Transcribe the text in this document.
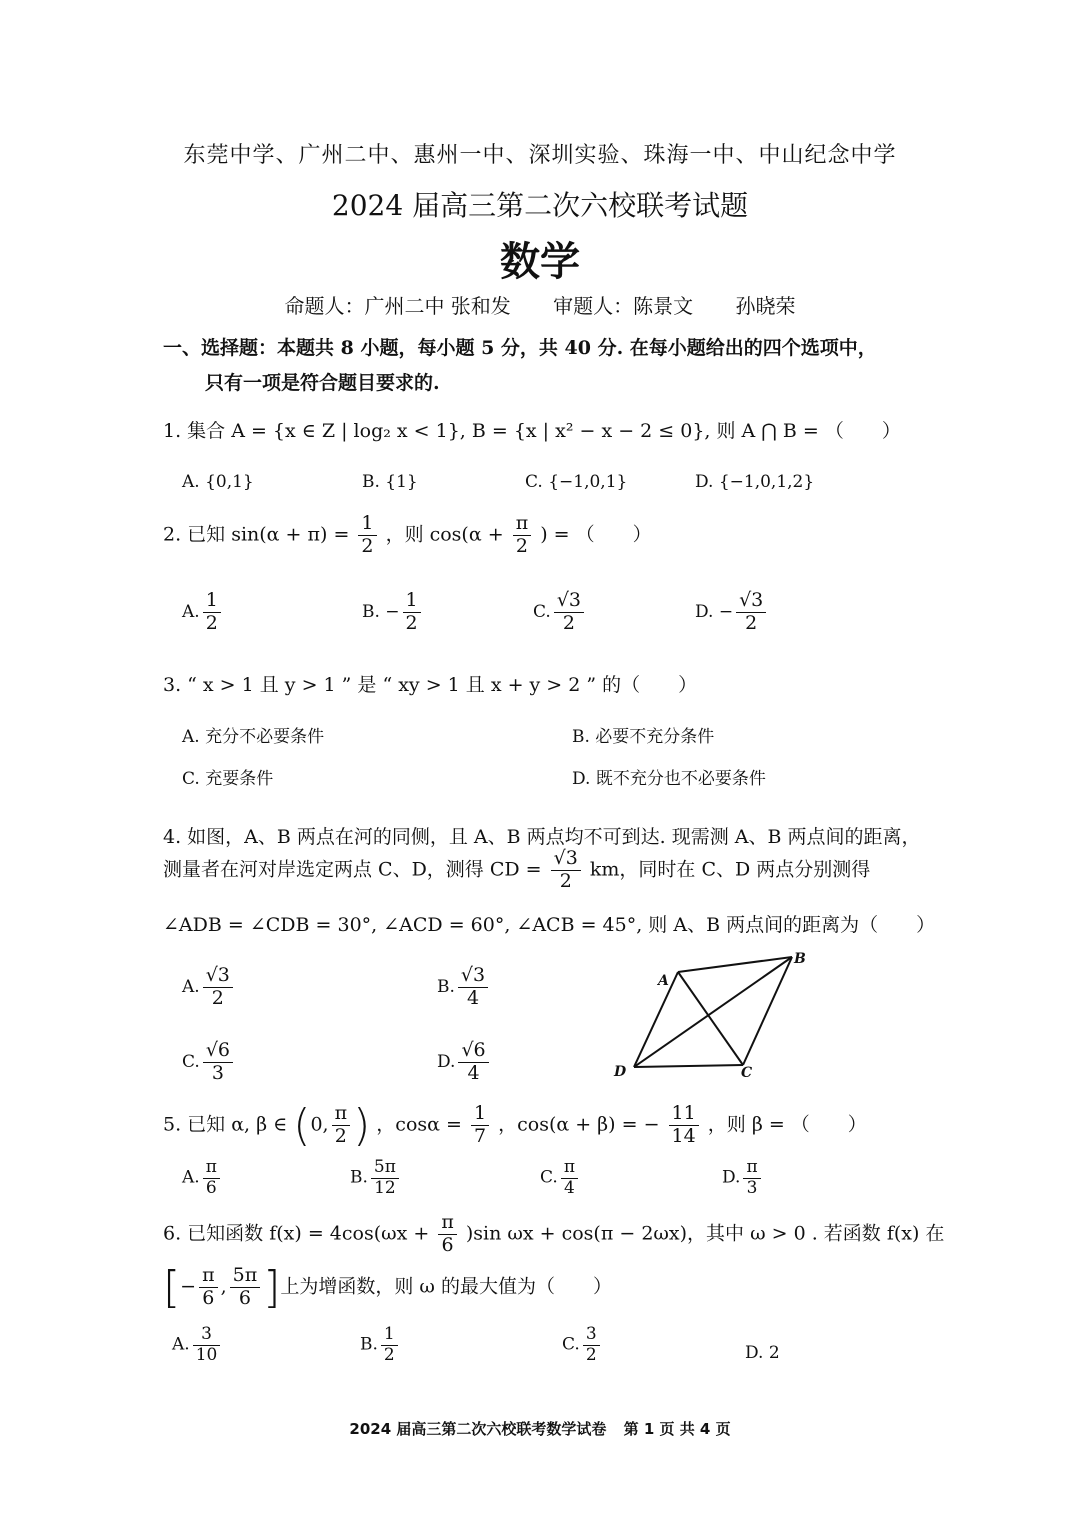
东莞中学、广州二中、惠州一中、深圳实验、珠海一中、中山纪念中学
2024 届高三第二次六校联考试题
数学
命题人：广州二中 张和发 审题人：陈景文 孙晓荣
一、选择题：本题共 8 小题，每小题 5 分，共 40 分. 在每小题给出的四个选项中，
只有一项是符合题目要求的.
1. 集合 A = {x ∈ Z | log₂ x < 1}, B = {x | x² − x − 2 ≤ 0}, 则 A ⋂ B = （　　）
A. {0,1}	B. {1}	C. {−1,0,1}	D. {−1,0,1,2}
2. 已知 $\sin(\alpha + \pi) = \frac{1}{2}$ ，则 $\cos(\alpha + \frac{\pi}{2}$ ) = （　　）
A. $\frac{1}{2}$	B. − $\frac{1}{2}$	C. $\frac{√3}{2}$	D. − $\frac{√3}{2}$
3. “ x > 1 且 y > 1 ” 是 “ xy > 1 且 x + y > 2 ” 的（　　）
A. 充分不必要条件	B. 必要不充分条件
C. 充要条件	D. 既不充分也不必要条件
4. 如图，A、B 两点在河的同侧，且 A、B 两点均不可到达. 现需测 A、B 两点间的距离，
测量者在河对岸选定两点 C、D，测得 CD = $\frac{√3}{2}$ km，同时在 C、D 两点分别测得
∠ADB = ∠CDB = 30°, ∠ACD = 60°, ∠ACB = 45°, 则 A、B 两点间的距离为（　　）
A. $\frac{√3}{2}$	B. $\frac{√3}{4}$
C. $\frac{√6}{3}$	D. $\frac{√6}{4}$
A
B
C
D
5. 已知 α, β ∈ (0, $\frac{\pi}{2}$ ) ，$\cos\alpha = \frac{1}{7}$ ，cos(α + β) = − $\frac{11}{14}$ ，则 β = （　　）
A. $\frac{\pi}{6}$	B. $\frac{5\pi}{12}$	C. $\frac{\pi}{4}$	D. $\frac{\pi}{3}$
6. 已知函数 $f(x) = 4\cos(\omega x + \frac{\pi}{6} )\sin$ ωx + cos(π − 2ωx)，其中 ω > 0 . 若函数 f(x) 在
[− $\frac{\pi}{6}$ , $\frac{5\pi}{6}$ ]上为增函数，则 ω 的最大值为（　　）
A. $\frac{3}{10}$	B. $\frac{1}{2}$	C. $\frac{3}{2}$	D. 2
2024 届高三第二次六校联考数学试卷 第 1 页 共 4 页
